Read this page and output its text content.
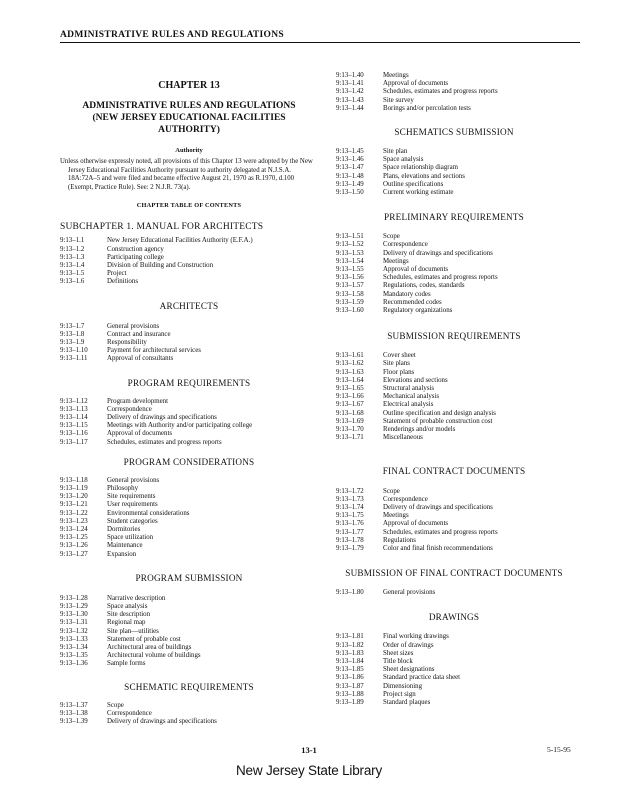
ADMINISTRATIVE RULES AND REGULATIONS
CHAPTER 13
ADMINISTRATIVE RULES AND REGULATIONS
(NEW JERSEY EDUCATIONAL FACILITIES
AUTHORITY)
Authority
Unless otherwise expressly noted, all provisions of this Chapter 13 were adopted by the New Jersey Educational Facilities Authority pursuant to authority delegated at N.J.S.A. 18A:72A–5 and were filed and became effective August 21, 1970 as R.1970, d.100 (Exempt, Practice Rule). See: 2 N.J.R. 73(a).
CHAPTER TABLE OF CONTENTS
SUBCHAPTER 1. MANUAL FOR ARCHITECTS
9:13–1.1	New Jersey Educational Facilities Authority (E.F.A.)
9:13–1.2	Construction agency
9:13–1.3	Participating college
9:13–1.4	Division of Building and Construction
9:13–1.5	Project
9:13–1.6	Definitions
ARCHITECTS
9:13–1.7	General provisions
9:13–1.8	Contract and insurance
9:13–1.9	Responsibility
9:13–1.10	Payment for architectural services
9:13–1.11	Approval of consultants
PROGRAM REQUIREMENTS
9:13–1.12	Program development
9:13–1.13	Correspondence
9:13–1.14	Delivery of drawings and specifications
9:13–1.15	Meetings with Authority and/or participating college
9:13–1.16	Approval of documents
9:13–1.17	Schedules, estimates and progress reports
PROGRAM CONSIDERATIONS
9:13–1.18	General provisions
9:13–1.19	Philosophy
9:13–1.20	Site requirements
9:13–1.21	User requirements
9:13–1.22	Environmental considerations
9:13–1.23	Student categories
9:13–1.24	Dormitories
9:13–1.25	Space utilization
9:13–1.26	Maintenance
9:13–1.27	Expansion
PROGRAM SUBMISSION
9:13–1.28	Narrative description
9:13–1.29	Space analysis
9:13–1.30	Site description
9:13–1.31	Regional map
9:13–1.32	Site plan—utilities
9:13–1.33	Statement of probable cost
9:13–1.34	Architectural area of buildings
9:13–1.35	Architectural volume of buildings
9:13–1.36	Sample forms
SCHEMATIC REQUIREMENTS
9:13–1.37	Scope
9:13–1.38	Correspondence
9:13–1.39	Delivery of drawings and specifications
9:13–1.40	Meetings
9:13–1.41	Approval of documents
9:13–1.42	Schedules, estimates and progress reports
9:13–1.43	Site survey
9:13–1.44	Borings and/or percolation tests
SCHEMATICS SUBMISSION
9:13–1.45	Site plan
9:13–1.46	Space analysis
9:13–1.47	Space relationship diagram
9:13–1.48	Plans, elevations and sections
9:13–1.49	Outline specifications
9:13–1.50	Current working estimate
PRELIMINARY REQUIREMENTS
9:13–1.51	Scope
9:13–1.52	Correspondence
9:13–1.53	Delivery of drawings and specifications
9:13–1.54	Meetings
9:13–1.55	Approval of documents
9:13–1.56	Schedules, estimates and progress reports
9:13–1.57	Regulations, codes, standards
9:13–1.58	Mandatory codes
9:13–1.59	Recommended codes
9:13–1.60	Regulatory organizations
SUBMISSION REQUIREMENTS
9:13–1.61	Cover sheet
9:13–1.62	Site plans
9:13–1.63	Floor plans
9:13–1.64	Elevations and sections
9:13–1.65	Structural analysis
9:13–1.66	Mechanical analysis
9:13–1.67	Electrical analysis
9:13–1.68	Outline specification and design analysis
9:13–1.69	Statement of probable construction cost
9:13–1.70	Renderings and/or models
9:13–1.71	Miscellaneous
FINAL CONTRACT DOCUMENTS
9:13–1.72	Scope
9:13–1.73	Correspondence
9:13–1.74	Delivery of drawings and specifications
9:13–1.75	Meetings
9:13–1.76	Approval of documents
9:13–1.77	Schedules, estimates and progress reports
9:13–1.78	Regulations
9:13–1.79	Color and final finish recommendations
SUBMISSION OF FINAL CONTRACT DOCUMENTS
9:13–1.80	General provisions
DRAWINGS
9:13–1.81	Final working drawings
9:13–1.82	Order of drawings
9:13–1.83	Sheet sizes
9:13–1.84	Title block
9:13–1.85	Sheet designations
9:13–1.86	Standard practice data sheet
9:13–1.87	Dimensioning
9:13–1.88	Project sign
9:13–1.89	Standard plaques
13-1	5-15-95
New Jersey State Library
